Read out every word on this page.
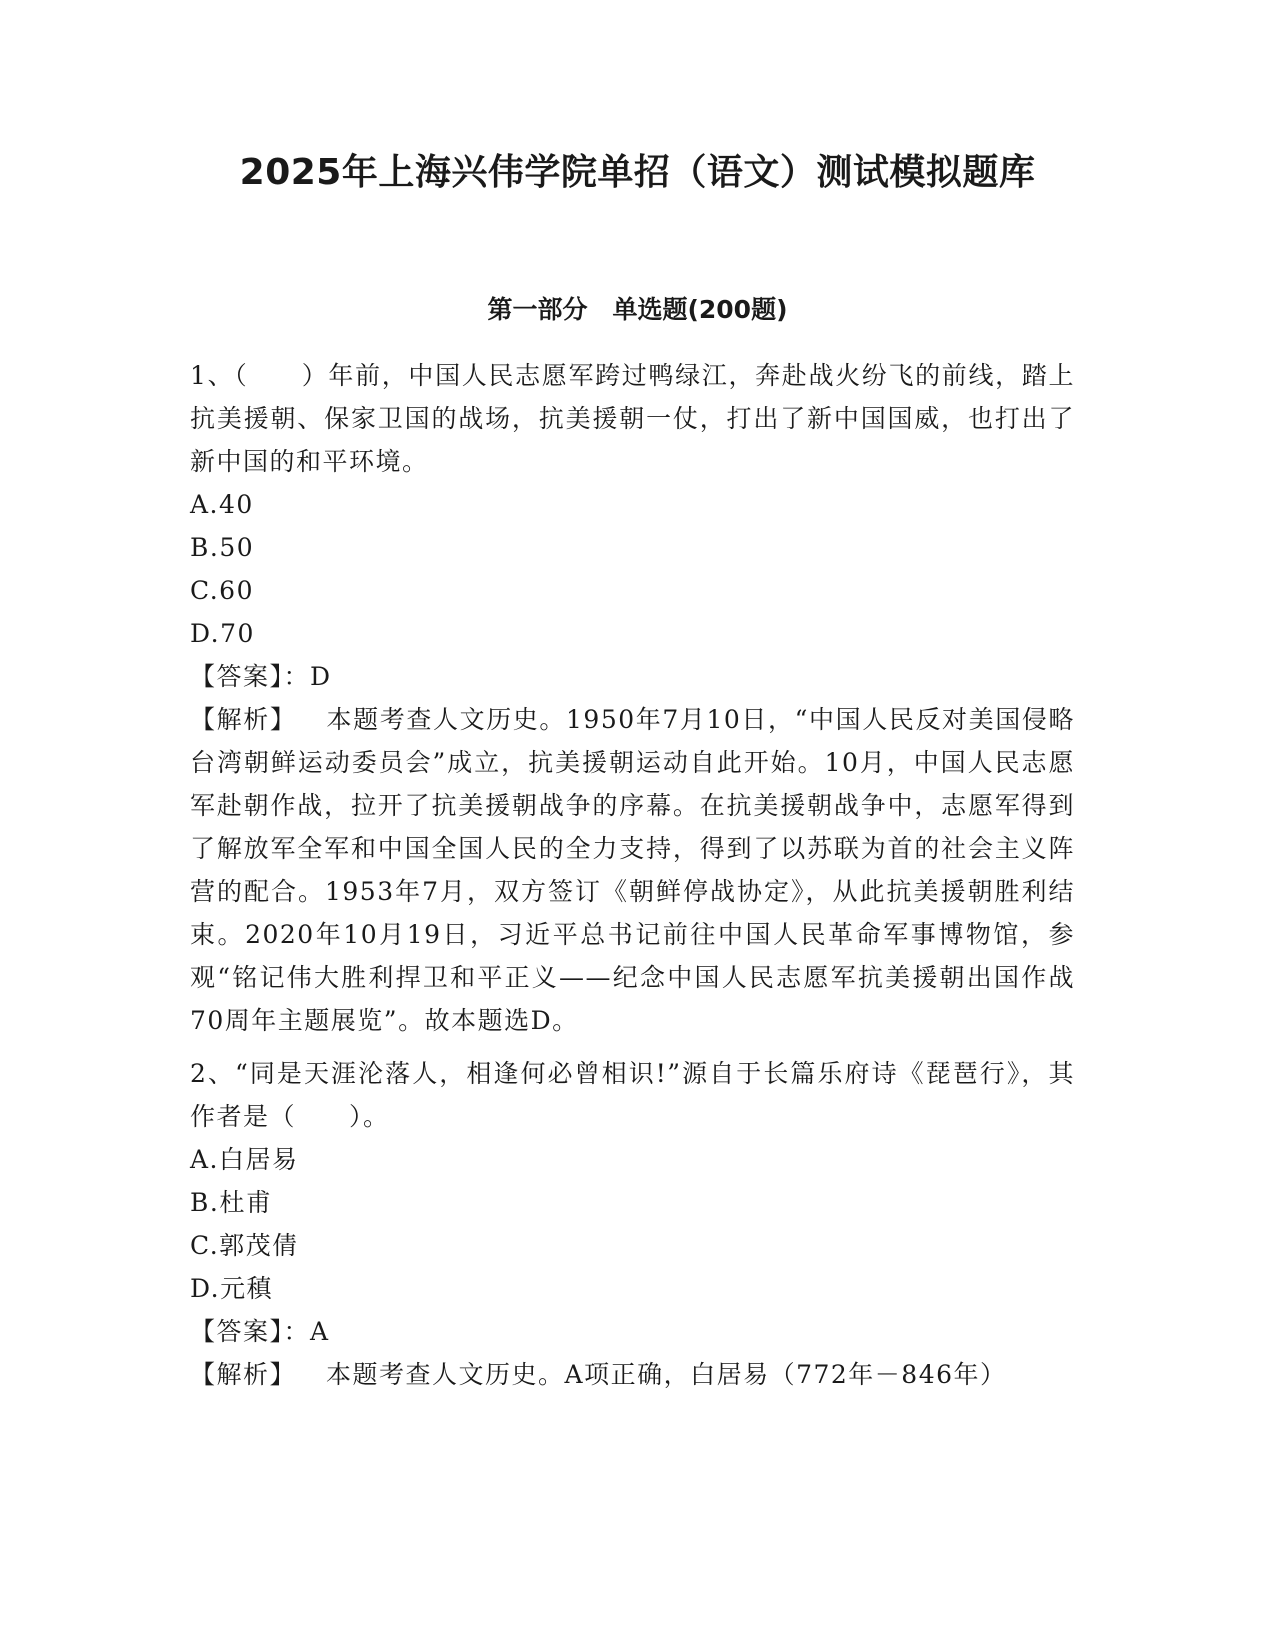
2025年上海兴伟学院单招（语文）测试模拟题库
第一部分　单选题(200题)

1、（　　）年前，中国人民志愿军跨过鸭绿江，奔赴战火纷飞的前线，踏上抗美援朝、保家卫国的战场，抗美援朝一仗，打出了新中国国威，也打出了新中国的和平环境。

A.40

B.50

C.60

D.70

【答案】：D

【解析】 本题考查人文历史。1950年7月10日，“中国人民反对美国侵略台湾朝鲜运动委员会”成立，抗美援朝运动自此开始。10月，中国人民志愿军赴朝作战，拉开了抗美援朝战争的序幕。在抗美援朝战争中，志愿军得到了解放军全军和中国全国人民的全力支持，得到了以苏联为首的社会主义阵营的配合。1953年7月，双方签订《朝鲜停战协定》，从此抗美援朝胜利结束。2020年10月19日，习近平总书记前往中国人民革命军事博物馆，参观“铭记伟大胜利捍卫和平正义——纪念中国人民志愿军抗美援朝出国作战70周年主题展览”。故本题选D。

2、“同是天涯沦落人，相逢何必曾相识!”源自于长篇乐府诗《琵琶行》，其作者是（　　）。

A.白居易

B.杜甫

C.郭茂倩

D.元稹

【答案】：A

【解析】 本题考查人文历史。A项正确，白居易（772年－846年）
